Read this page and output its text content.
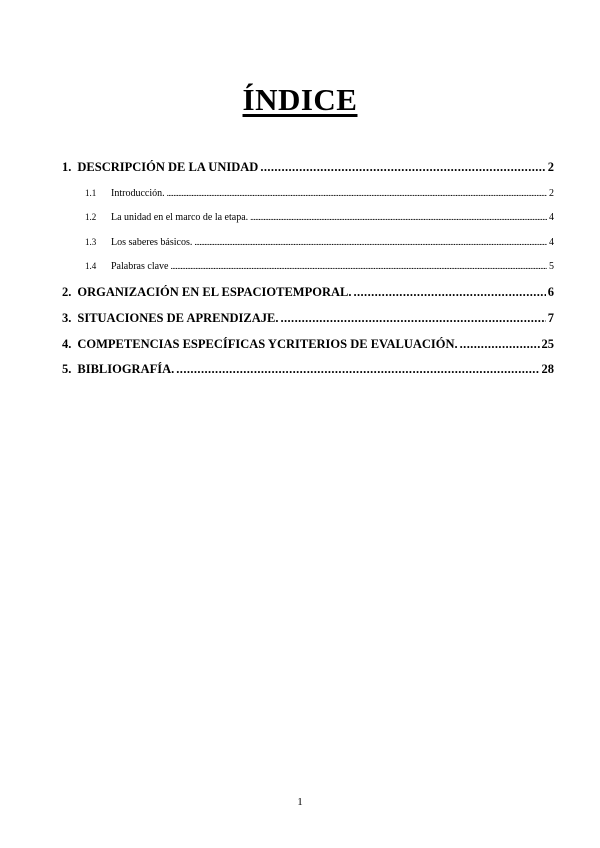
ÍNDICE
1. DESCRIPCIÓN DE LA UNIDAD .....	2
1.1	Introducción. .....	2
1.2	La unidad en el marco de la etapa. .....	4
1.3	Los saberes básicos. .....	4
1.4	Palabras clave .....	5
2. ORGANIZACIÓN EN EL ESPACIOTEMPORAL. .....	6
3. SITUACIONES DE APRENDIZAJE. .....	7
4. COMPETENCIAS ESPECÍFICAS YCRITERIOS DE EVALUACIÓN. .....	25
5. BIBLIOGRAFÍA. .....	28
1
